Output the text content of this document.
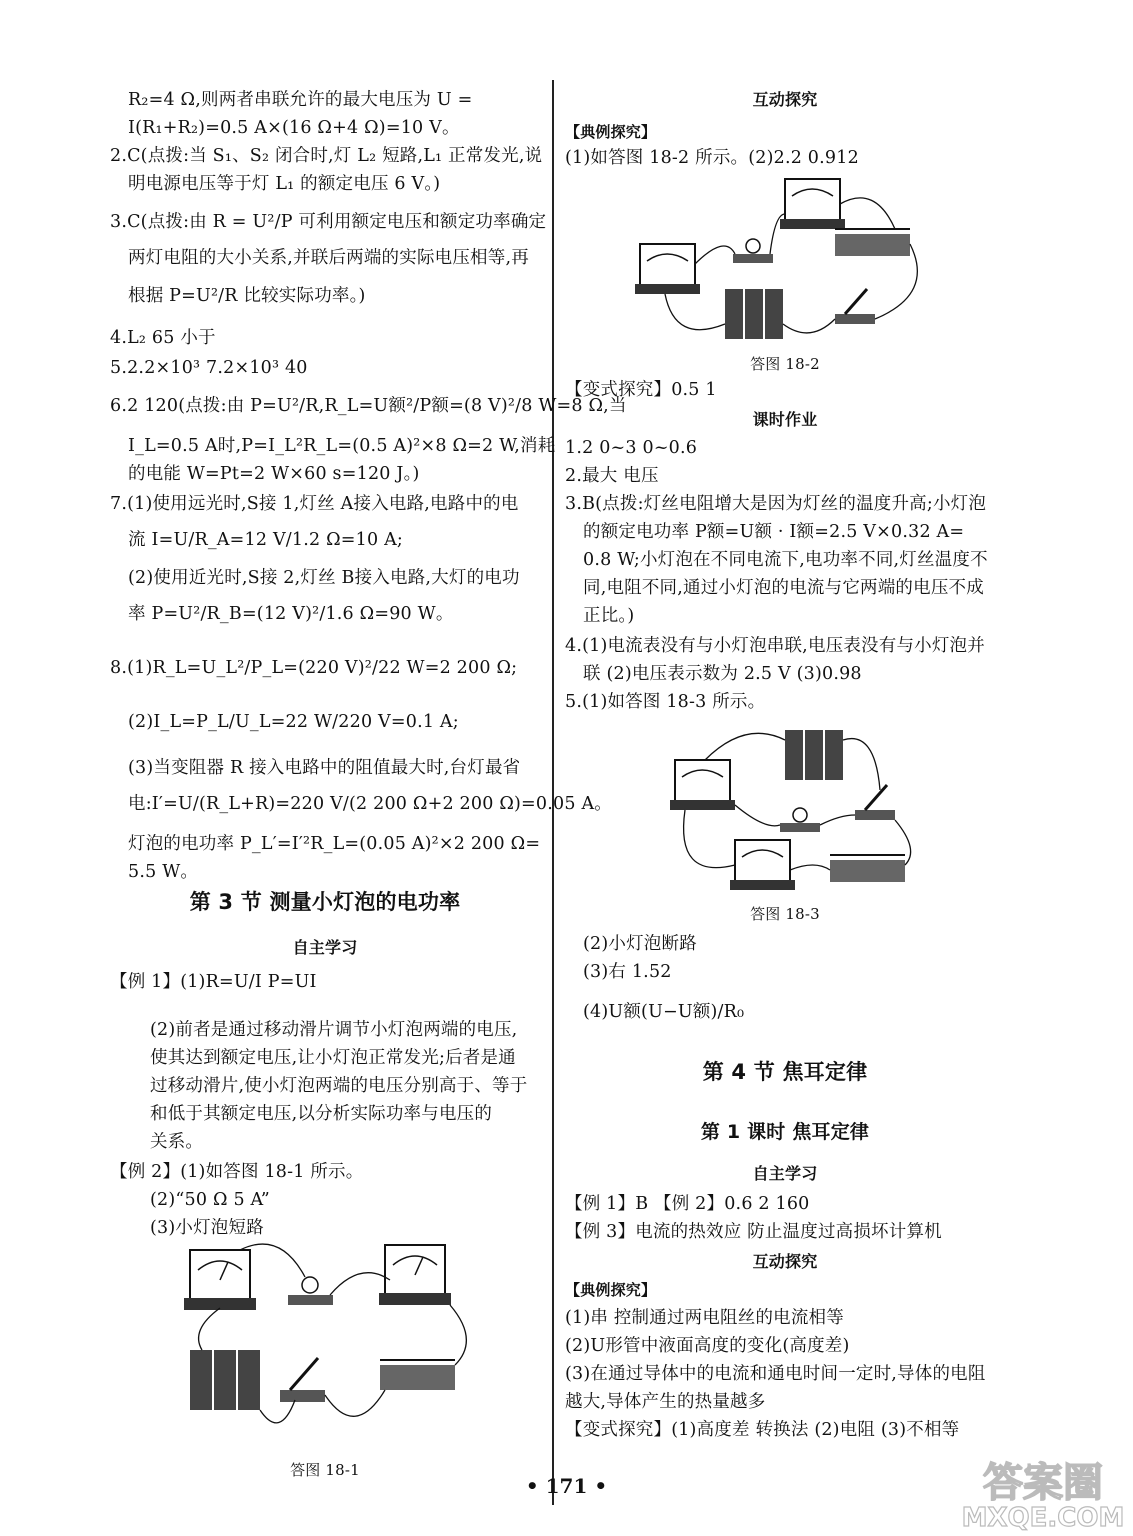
R₂=4 Ω,则两者串联允许的最大电压为 U =
I(R₁+R₂)=0.5 A×(16 Ω+4 Ω)=10 V。
2.C(点拨:当 S₁、S₂ 闭合时,灯 L₂ 短路,L₁ 正常发光,说
明电源电压等于灯 L₁ 的额定电压 6 V。)
3.C(点拨:由 R = U²/P 可利用额定电压和额定功率确定
两灯电阻的大小关系,并联后两端的实际电压相等,再
根据 P=U²/R 比较实际功率。)
4.L₂ 65 小于
5.2.2×10³ 7.2×10³ 40
6.2 120(点拨:由 P=U²/R,R_L=U额²/P额=(8 V)²/8 W=8 Ω,当
I_L=0.5 A时,P=I_L²R_L=(0.5 A)²×8 Ω=2 W,消耗
的电能 W=Pt=2 W×60 s=120 J。)
7.(1)使用远光时,S接 1,灯丝 A接入电路,电路中的电
流 I=U/R_A=12 V/1.2 Ω=10 A;
(2)使用近光时,S接 2,灯丝 B接入电路,大灯的电功
率 P=U²/R_B=(12 V)²/1.6 Ω=90 W。
8.(1)R_L=U_L²/P_L=(220 V)²/22 W=2 200 Ω;
(2)I_L=P_L/U_L=22 W/220 V=0.1 A;
(3)当变阻器 R 接入电路中的阻值最大时,台灯最省
电:I′=U/(R_L+R)=220 V/(2 200 Ω+2 200 Ω)=0.05 A。
灯泡的电功率 P_L′=I′²R_L=(0.05 A)²×2 200 Ω=
5.5 W。
第 3 节 测量小灯泡的电功率
自主学习
【例 1】(1)R=U/I P=UI
(2)前者是通过移动滑片调节小灯泡两端的电压,
使其达到额定电压,让小灯泡正常发光;后者是通
过移动滑片,使小灯泡两端的电压分别高于、等于
和低于其额定电压,以分析实际功率与电压的
关系。
【例 2】(1)如答图 18-1 所示。
(2)“50 Ω 5 A”
(3)小灯泡短路
答图 18-1
互动探究
【典例探究】
(1)如答图 18-2 所示。(2)2.2 0.912
答图 18-2
【变式探究】0.5 1
课时作业
1.2 0~3 0~0.6
2.最大 电压
3.B(点拨:灯丝电阻增大是因为灯丝的温度升高;小灯泡
的额定电功率 P额=U额 · I额=2.5 V×0.32 A=
0.8 W;小灯泡在不同电流下,电功率不同,灯丝温度不
同,电阻不同,通过小灯泡的电流与它两端的电压不成
正比。)
4.(1)电流表没有与小灯泡串联,电压表没有与小灯泡并
联 (2)电压表示数为 2.5 V (3)0.98
5.(1)如答图 18-3 所示。
答图 18-3
(2)小灯泡断路
(3)右 1.52
(4)U额(U−U额)/R₀
第 4 节 焦耳定律
第 1 课时 焦耳定律
自主学习
【例 1】B 【例 2】0.6 2 160
【例 3】电流的热效应 防止温度过高损坏计算机
互动探究
【典例探究】
(1)串 控制通过两电阻丝的电流相等
(2)U形管中液面高度的变化(高度差)
(3)在通过导体中的电流和通电时间一定时,导体的电阻
越大,导体产生的热量越多
【变式探究】(1)高度差 转换法 (2)电阻 (3)不相等
• 171 •	答案圈
MXQE.COM
